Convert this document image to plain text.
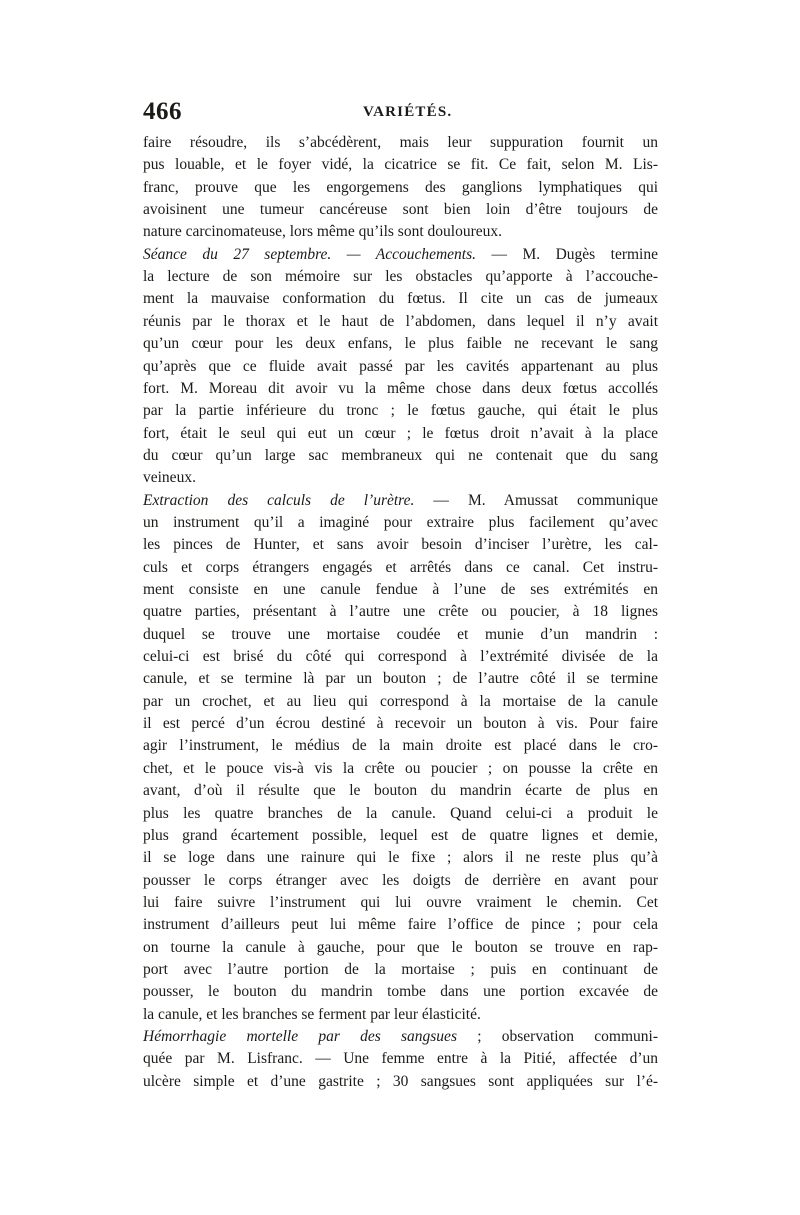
466	VARIÉTÉS.
faire résoudre, ils s’abcédèrent, mais leur suppuration fournit un
pus louable, et le foyer vidé, la cicatrice se fit. Ce fait, selon M. Lis-
franc, prouve que les engorgemens des ganglions lymphatiques qui
avoisinent une tumeur cancéreuse sont bien loin d’être toujours de
nature carcinomateuse, lors même qu’ils sont douloureux.
Séance du 27 septembre. — Accouchements. — M. Dugès termine
la lecture de son mémoire sur les obstacles qu’apporte à l’accouche-
ment la mauvaise conformation du fœtus. Il cite un cas de jumeaux
réunis par le thorax et le haut de l’abdomen, dans lequel il n’y avait
qu’un cœur pour les deux enfans, le plus faible ne recevant le sang
qu’après que ce fluide avait passé par les cavités appartenant au plus
fort. M. Moreau dit avoir vu la même chose dans deux fœtus accollés
par la partie inférieure du tronc ; le fœtus gauche, qui était le plus
fort, était le seul qui eut un cœur ; le fœtus droit n’avait à la place
du cœur qu’un large sac membraneux qui ne contenait que du sang
veineux.
Extraction des calculs de l’urètre. — M. Amussat communique
un instrument qu’il a imaginé pour extraire plus facilement qu’avec
les pinces de Hunter, et sans avoir besoin d’inciser l’urètre, les cal-
culs et corps étrangers engagés et arrêtés dans ce canal. Cet instru-
ment consiste en une canule fendue à l’une de ses extrémités en
quatre parties, présentant à l’autre une crête ou poucier, à 18 lignes
duquel se trouve une mortaise coudée et munie d’un mandrin :
celui-ci est brisé du côté qui correspond à l’extrémité divisée de la
canule, et se termine là par un bouton ; de l’autre côté il se termine
par un crochet, et au lieu qui correspond à la mortaise de la canule
il est percé d’un écrou destiné à recevoir un bouton à vis. Pour faire
agir l’instrument, le médius de la main droite est placé dans le cro-
chet, et le pouce vis-à vis la crête ou poucier ; on pousse la crête en
avant, d’où il résulte que le bouton du mandrin écarte de plus en
plus les quatre branches de la canule. Quand celui-ci a produit le
plus grand écartement possible, lequel est de quatre lignes et demie,
il se loge dans une rainure qui le fixe ; alors il ne reste plus qu’à
pousser le corps étranger avec les doigts de derrière en avant pour
lui faire suivre l’instrument qui lui ouvre vraiment le chemin. Cet
instrument d’ailleurs peut lui même faire l’office de pince ; pour cela
on tourne la canule à gauche, pour que le bouton se trouve en rap-
port avec l’autre portion de la mortaise ; puis en continuant de
pousser, le bouton du mandrin tombe dans une portion excavée de
la canule, et les branches se ferment par leur élasticité.
Hémorrhagie mortelle par des sangsues ; observation communi-
quée par M. Lisfranc. — Une femme entre à la Pitié, affectée d’un
ulcère simple et d’une gastrite ; 30 sangsues sont appliquées sur l’é-
